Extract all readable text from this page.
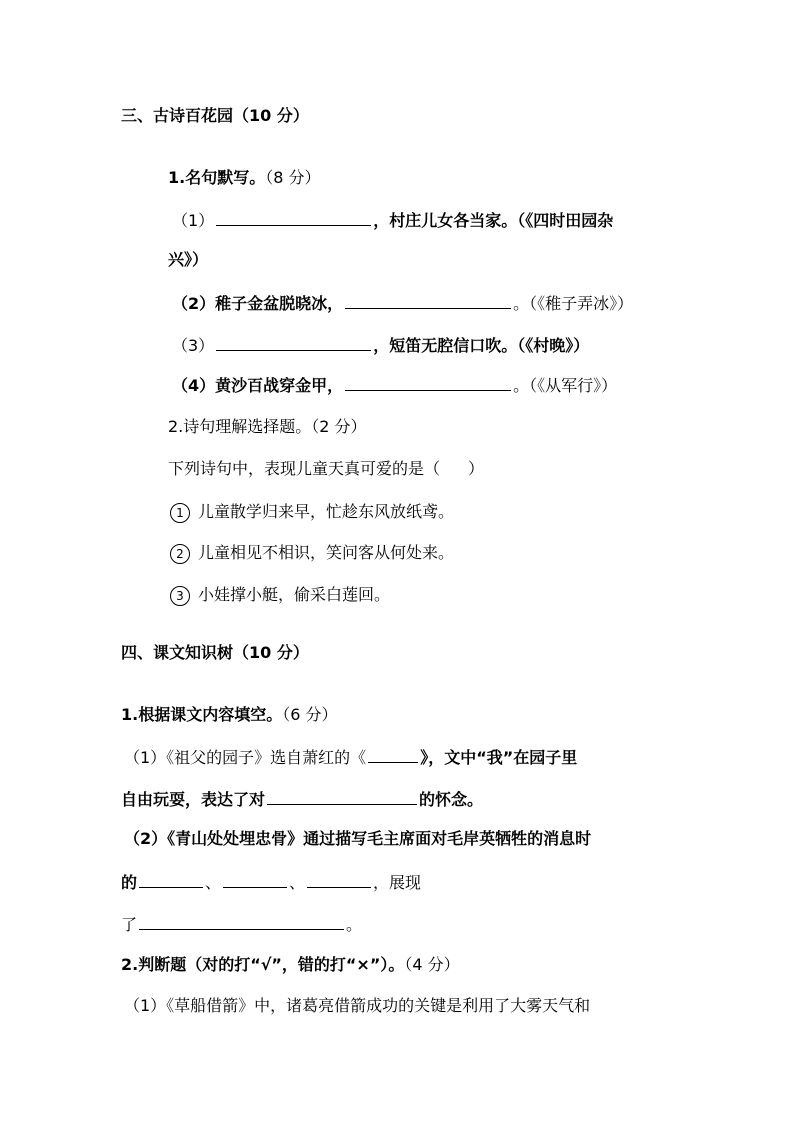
三、古诗百花园（10 分）
1.名句默写。（8 分）
（1）	，村庄儿女各当家。（《四时田园杂
兴》）
（2）稚子金盆脱晓冰，	。（《稚子弄冰》）
（3）	，短笛无腔信口吹。（《村晚》）
（4）黄沙百战穿金甲，	。（《从军行》）
2.诗句理解选择题。（2 分）
下列诗句中，表现儿童天真可爱的是（ ）
1 儿童散学归来早，忙趁东风放纸鸢。
2 儿童相见不相识，笑问客从何处来。
3 小娃撑小艇，偷采白莲回。
四、课文知识树（10 分）
1.根据课文内容填空。（6 分）
（1）《祖父的园子》选自萧红的《	》，文中“我”在园子里
自由玩耍，表达了对	的怀念。
（2）《青山处处埋忠骨》通过描写毛主席面对毛岸英牺牲的消息时
的	、	、	，展现
了	。
2.判断题（对的打“√”，错的打“×”）。（4 分）
（1）《草船借箭》中，诸葛亮借箭成功的关键是利用了大雾天气和
